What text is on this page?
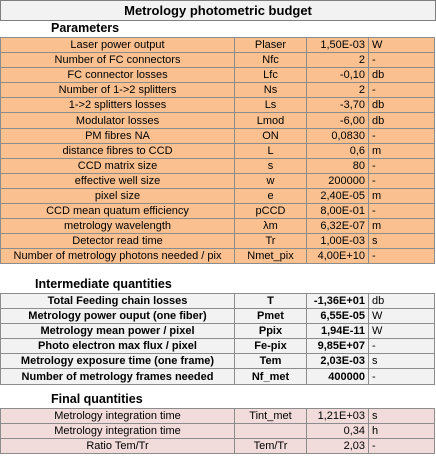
Metrology photometric budget
Parameters
Laser power output	Plaser	1,50E-03	W
Number of FC connectors	Nfc	2	-
FC connector losses	Lfc	-0,10	db
Number of 1->2 splitters	Ns	2	-
1->2 splitters losses	Ls	-3,70	db
Modulator losses	Lmod	-6,00	db
PM fibres NA	ON	0,0830	-
distance fibres to CCD	L	0,6	m
CCD matrix size	s	80	-
effective well size	w	200000	-
pixel size	e	2,40E-05	m
CCD mean quatum efficiency	pCCD	8,00E-01	-
metrology wavelength	λm	6,32E-07	m
Detector read time	Tr	1,00E-03	s
Number of metrology photons needed / pix	Nmet_pix	4,00E+10	-
Intermediate quantities
Total Feeding chain losses	T	-1,36E+01	db
Metrology power ouput (one fiber)	Pmet	6,55E-05	W
Metrology mean power / pixel	Ppix	1,94E-11	W
Photo electron max flux / pixel	Fe-pix	9,85E+07	-
Metrology exposure time (one frame)	Tem	2,03E-03	s
Number of metrology frames needed	Nf_met	400000	-
Final quantities
Metrology integration time	Tint_met	1,21E+03	s
Metrology integration time		0,34	h
Ratio Tem/Tr	Tem/Tr	2,03	-
